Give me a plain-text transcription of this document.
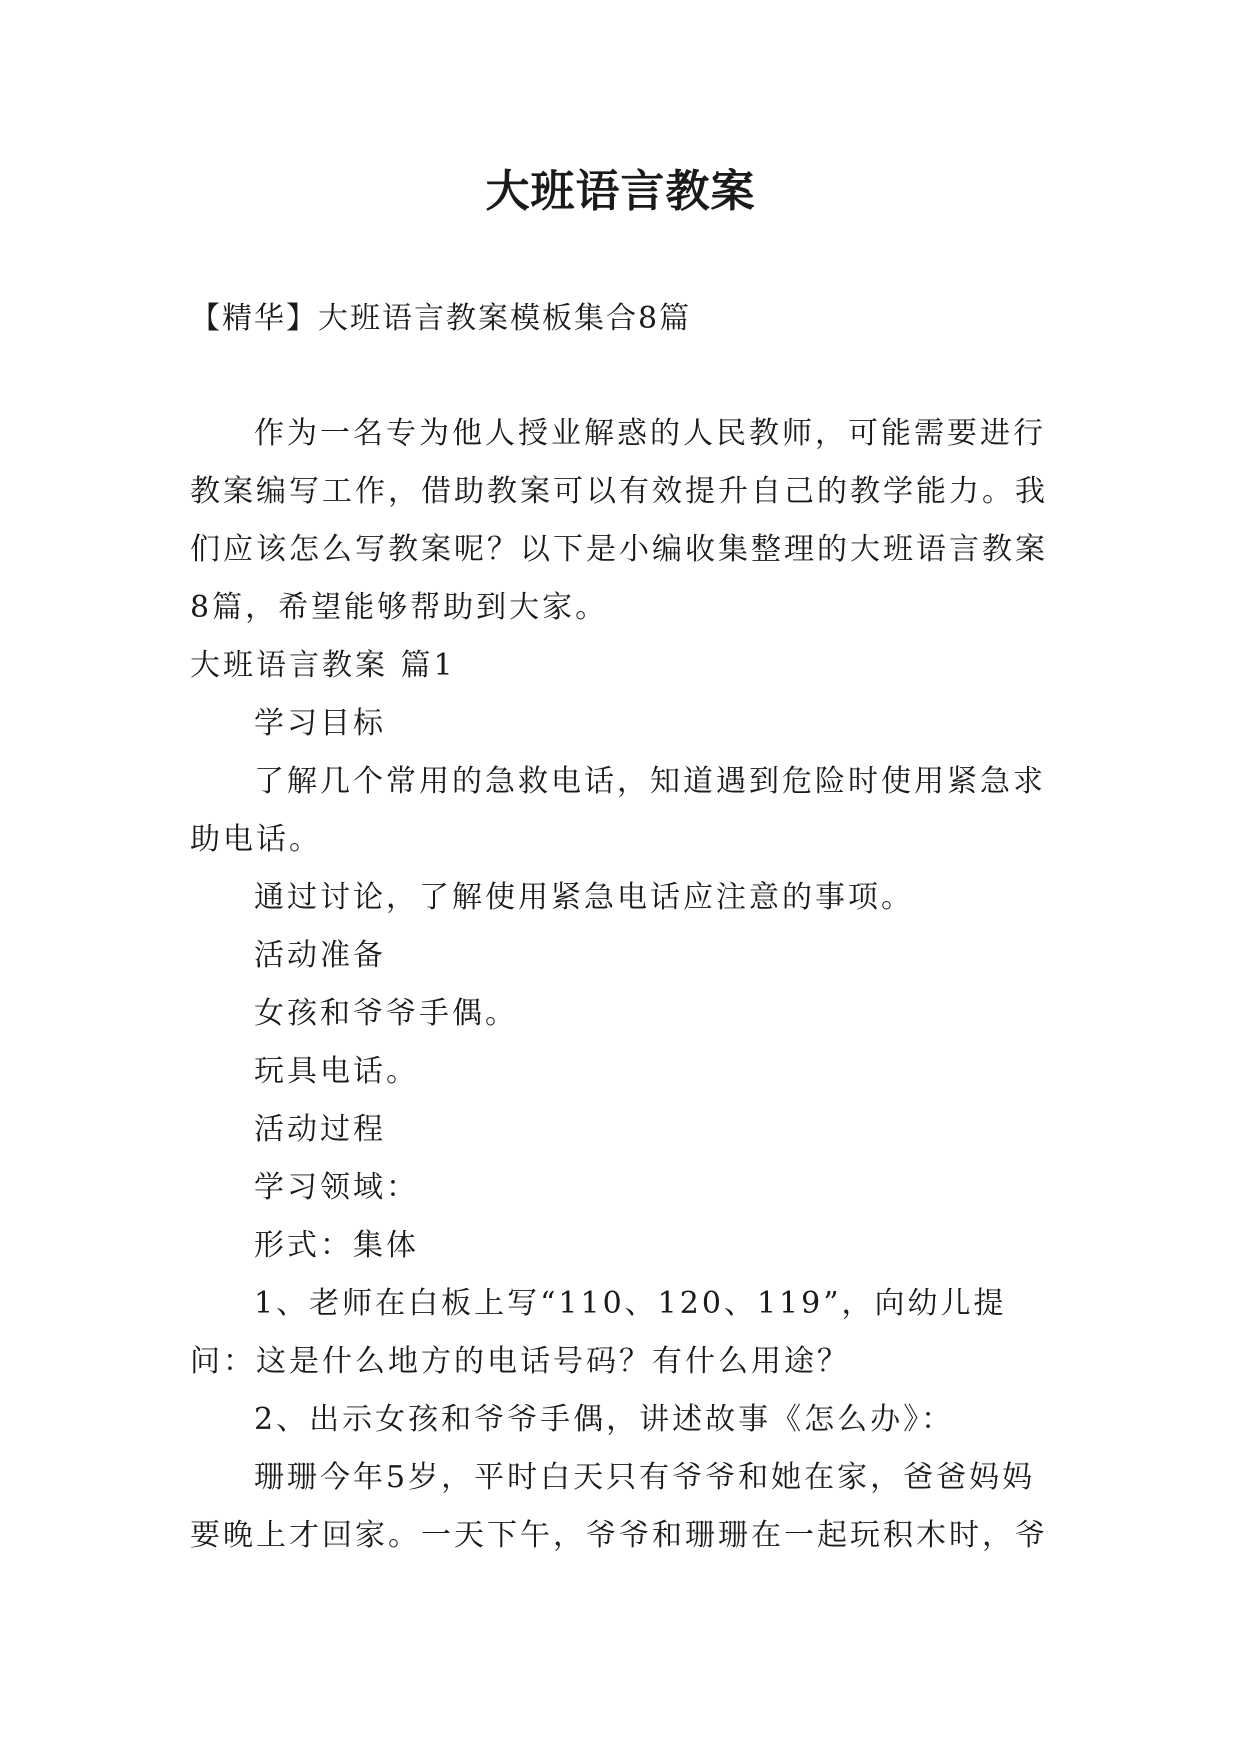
大班语言教案
【精华】大班语言教案模板集合8篇

作为一名专为他人授业解惑的人民教师，可能需要进行教案编写工作，借助教案可以有效提升自己的教学能力。我们应该怎么写教案呢？以下是小编收集整理的大班语言教案8篇，希望能够帮助到大家。

大班语言教案 篇1

学习目标

了解几个常用的急救电话，知道遇到危险时使用紧急求助电话。

通过讨论，了解使用紧急电话应注意的事项。

活动准备

女孩和爷爷手偶。

玩具电话。

活动过程

学习领域：

形式：集体

1、老师在白板上写“110、120、119”，向幼儿提问：这是什么地方的电话号码？有什么用途？

2、出示女孩和爷爷手偶，讲述故事《怎么办》：

珊珊今年5岁，平时白天只有爷爷和她在家，爸爸妈妈要晚上才回家。一天下午，爷爷和珊珊在一起玩积木时，爷
